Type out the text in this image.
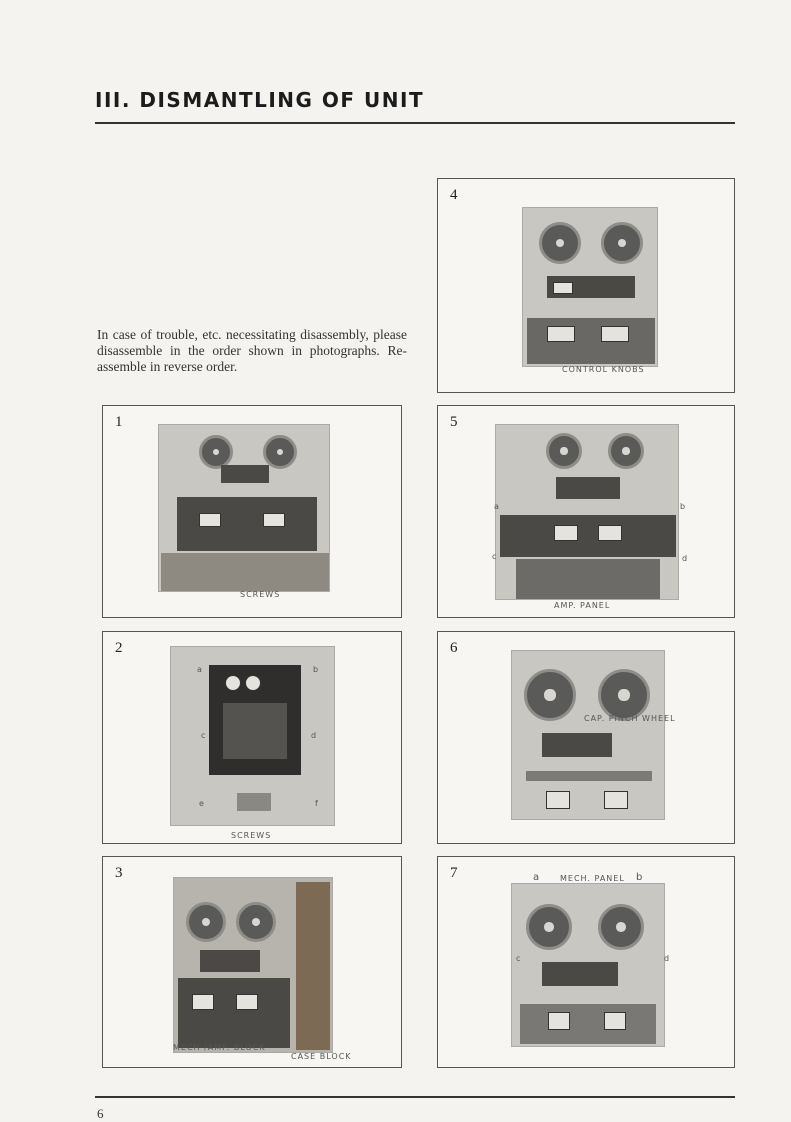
III. DISMANTLING OF UNIT
In case of trouble, etc. necessitating disassembly, please disassemble in the order shown in photographs. Re-assemble in reverse order.
4
CONTROL KNOBS
1
SCREWS
5
a	b
c	d
AMP. PANEL
2
a	b
c	d
e	f
SCREWS
6
CAP. PINCH WHEEL
3
MECH /AMP. BLOCK
CASE BLOCK
7	a MECH. PANEL b
c	d
6
